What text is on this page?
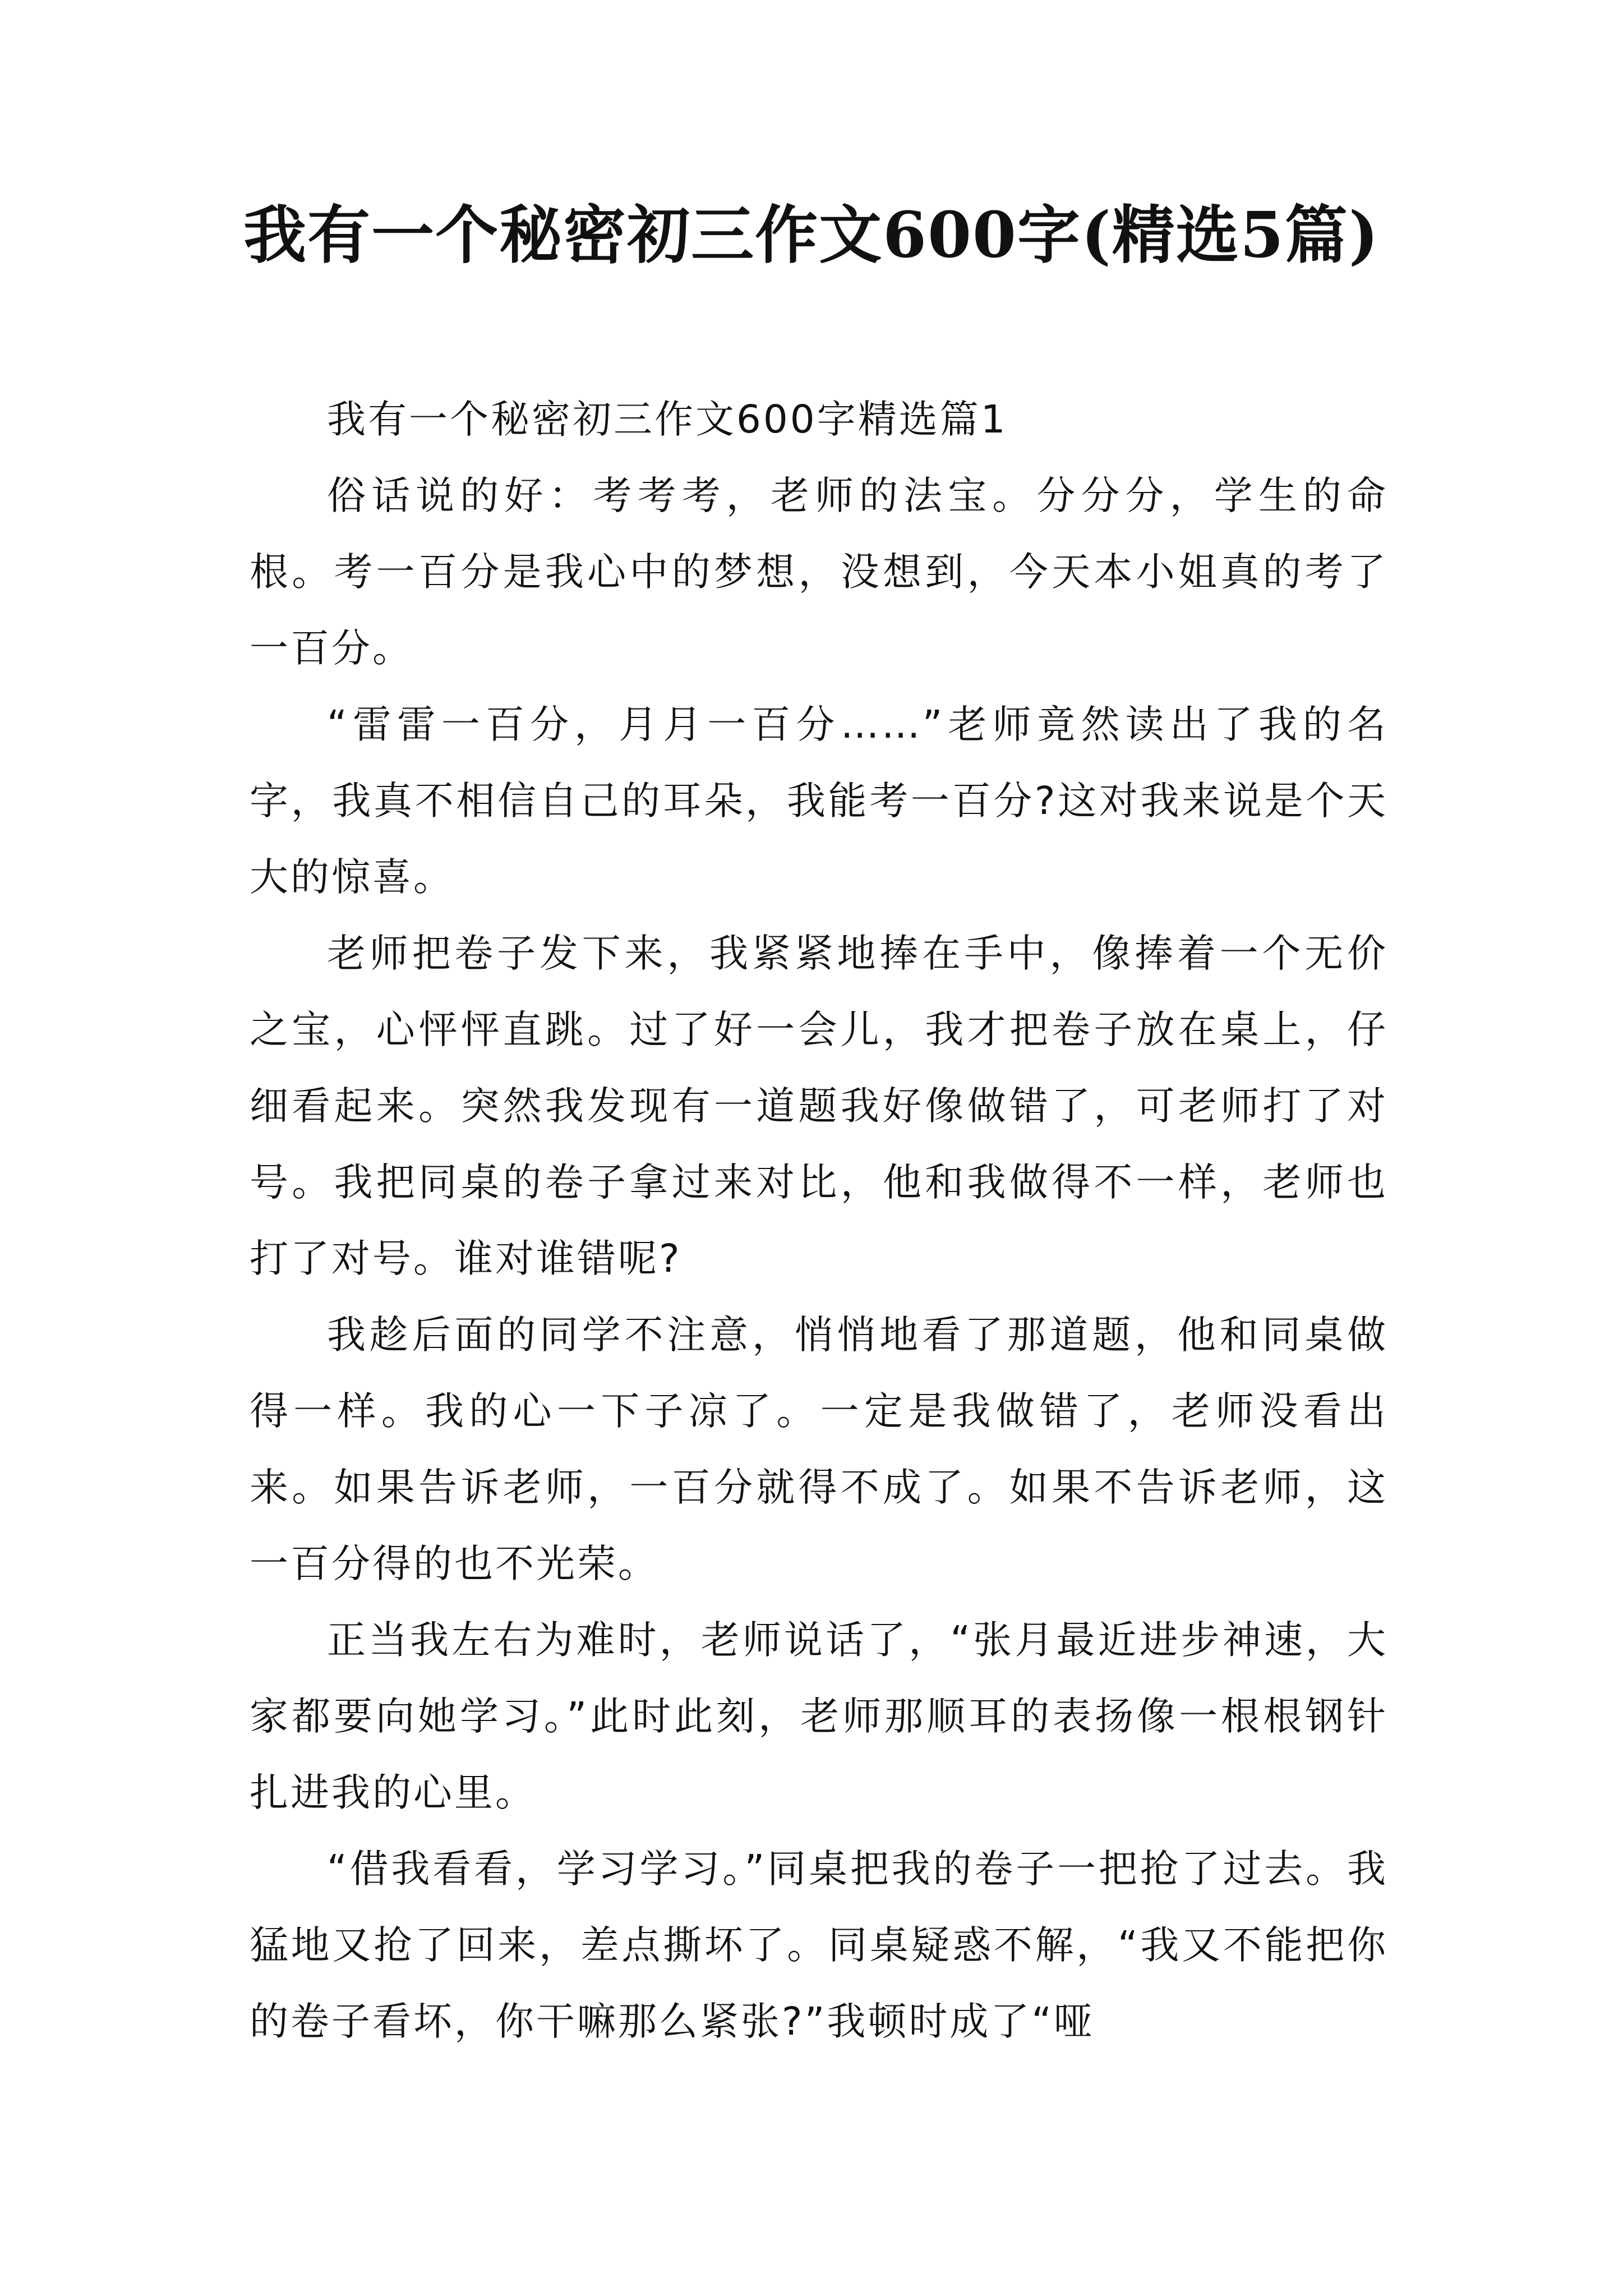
我有一个秘密初三作文600字(精选5篇)

我有一个秘密初三作文600字精选篇1

俗话说的好：考考考，老师的法宝。分分分，学生的命根。考一百分是我心中的梦想，没想到，今天本小姐真的考了一百分。

“雷雷一百分，月月一百分……”老师竟然读出了我的名字，我真不相信自己的耳朵，我能考一百分?这对我来说是个天大的惊喜。

老师把卷子发下来，我紧紧地捧在手中，像捧着一个无价之宝，心怦怦直跳。过了好一会儿，我才把卷子放在桌上，仔细看起来。突然我发现有一道题我好像做错了，可老师打了对号。我把同桌的卷子拿过来对比，他和我做得不一样，老师也打了对号。谁对谁错呢?

我趁后面的同学不注意，悄悄地看了那道题，他和同桌做得一样。我的心一下子凉了。一定是我做错了，老师没看出来。如果告诉老师，一百分就得不成了。如果不告诉老师，这一百分得的也不光荣。

正当我左右为难时，老师说话了，“张月最近进步神速，大家都要向她学习。”此时此刻，老师那顺耳的表扬像一根根钢针扎进我的心里。

“借我看看，学习学习。”同桌把我的卷子一把抢了过去。我猛地又抢了回来，差点撕坏了。同桌疑惑不解，“我又不能把你的卷子看坏，你干嘛那么紧张?”我顿时成了“哑
